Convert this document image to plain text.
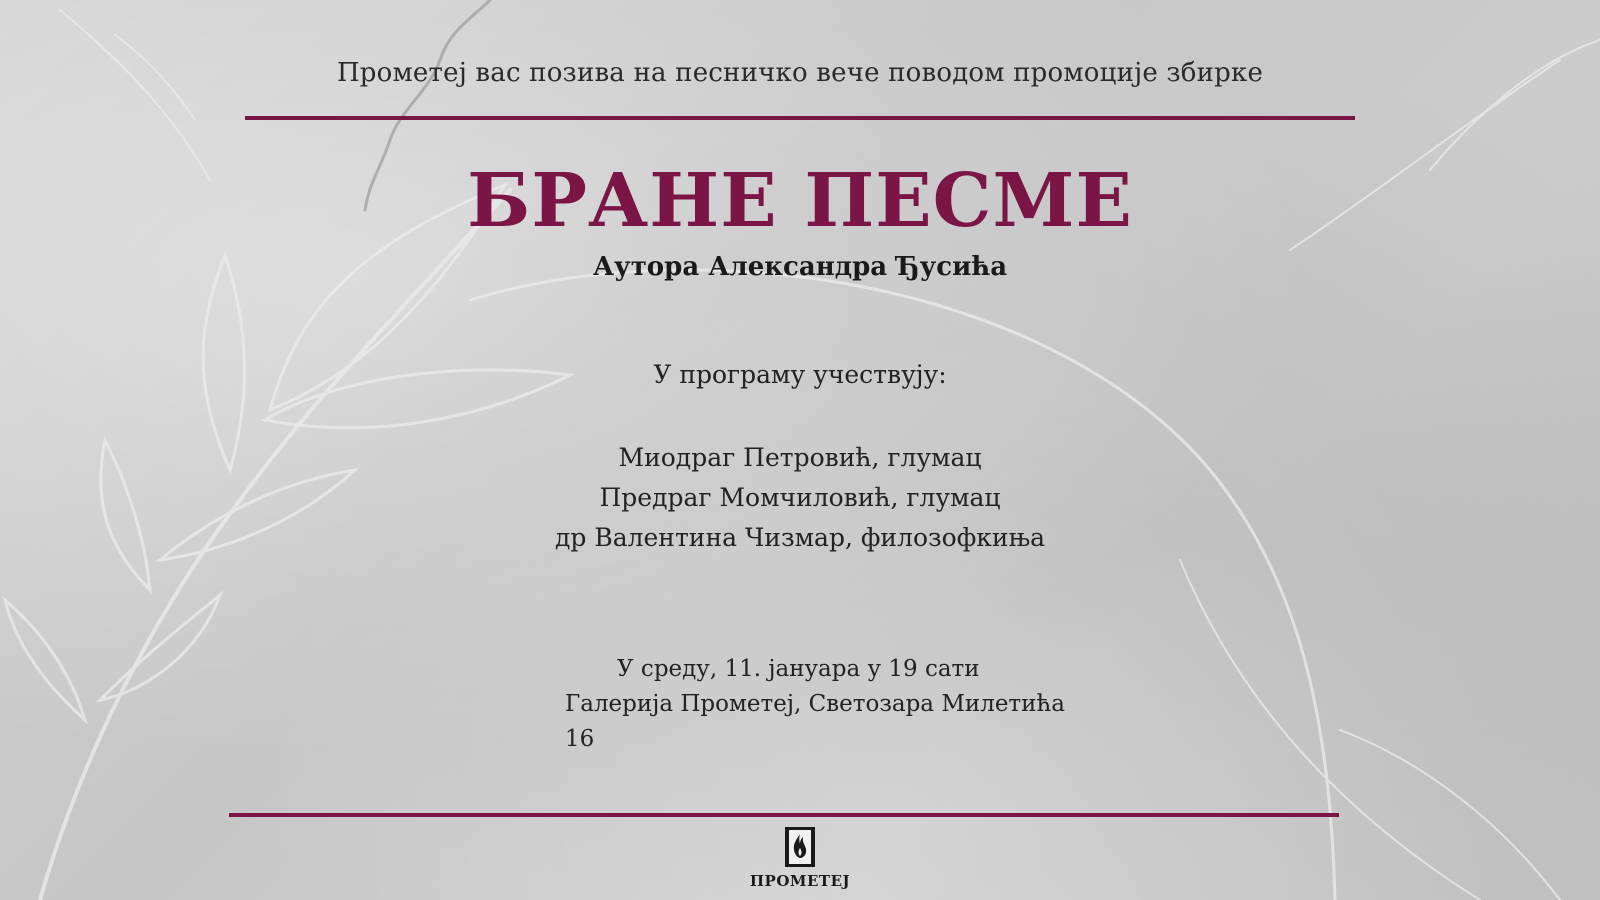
Прометеј вас позива на песничко вече поводом промоције збирке
БРАНЕ ПЕСМЕ
Аутора Александра Ђусића
У програму учествују:
Миодраг Петровић, глумац
Предраг Момчиловић, глумац
др Валентина Чизмар, филозофкиња
У среду, 11. јануара у 19 сати
Галерија Прометеј, Светозара Милетића 16
ПРОМЕТЕЈ
